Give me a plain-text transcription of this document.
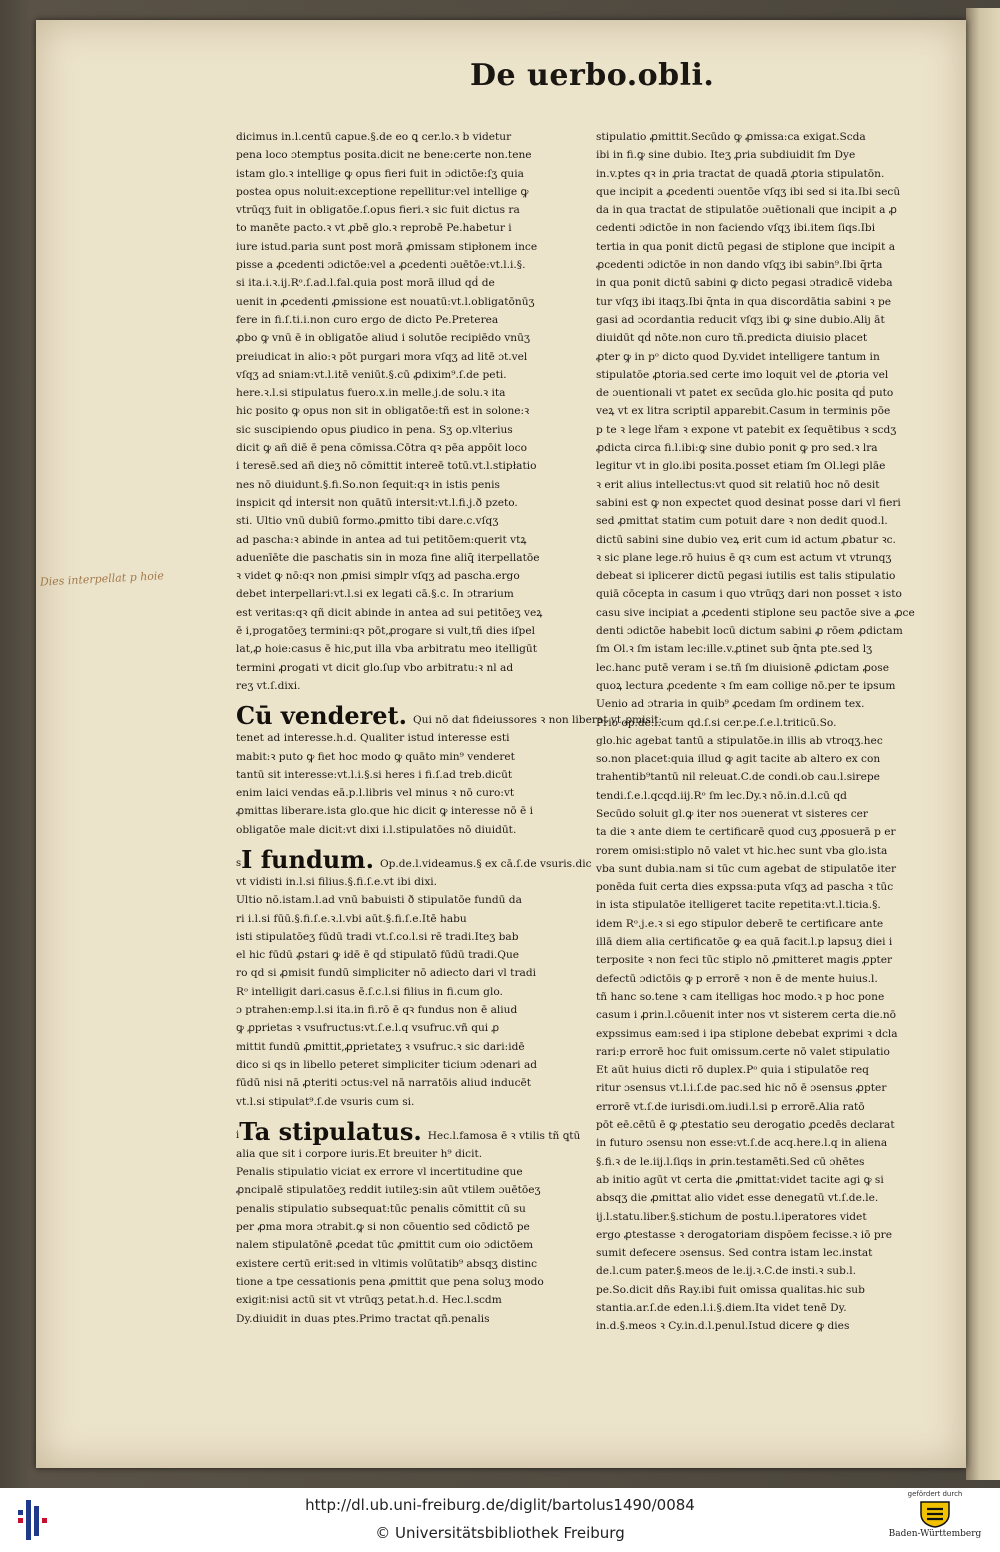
De uerbo.obli.
Dies interpellat p hoie
dicimus in.l.centū capue.§.de eo ꝗ cer.lo.ꝛ b videtur
pena loco ɔtemptus posita.dicit ne bene:certe non.tene
istam glo.ꝛ intellige ꝙ opus fieri fuit in ɔdictōe:ſʒ quia
postea opus noluit:exceptione repellitur:vel intellige ꝙ
vtrūqʒ fuit in obligatōe.ſ.opus fieri.ꝛ sic fuit dictus ra
to manēte pacto.ꝛ vt ꝓbē glo.ꝛ reprobē Pe.habetur i
iure istud.paria sunt post morā ꝓmissam stipłonem ince
pisse a ꝓcedenti ɔdictōe:vel a ꝓcedenti ɔuētōe:vt.l.i.§.
si ita.i.ꝛ.ij.Rᵒ.ſ.ad.l.fal.quia post morā illud qḋ de
uenit in ꝓcedenti ꝓmissione est nouatū:vt.l.obligatōnūʒ
fere in fi.ſ.ti.i.non curo ergo de dicto Pe.Preterea
ꝓbo ꝙ vnū ē in obligatōe aliud i solutōe recipiēdo vnūʒ
preiudicat in alio:ꝛ pōt purgari mora vſqʒ ad litē ɔt.vel
vſqʒ ad sniam:vt.l.itē veniūt.§.cū ꝓdixim⁹.ſ.de peti.
here.ꝛ.l.si stipulatus fuero.x.in melle.j.de solu.ꝛ ita
hic posito ꝙ opus non sit in obligatōe:tñ est in solone:ꝛ
sic suscipiendo opus ꝑiudico in pena. Sʒ op.vlterius
dicit ꝙ añ diē ē pena cōmissa.Cōtra qꝛ pēa appōit loco
i teresē.sed añ dieʒ nō cōmittit intereē totū.vt.l.stipłatio
nes nō diuidunt.§.fi.So.non ſequit:qꝛ in istis penis
inspicit qḋ intersit non quātū intersit:vt.l.fi.j.ð pzeto.
sti. Ultio vnū dubiū formo.ꝓmitto tibi dare.c.vſqʒ
ad pascha:ꝛ abinde in antea ad tui petitōem:querit vtꝝ
aduenīēte die paschatis sin in moza fine aliq̄ iterpellatōe
ꝛ videt ꝙ nō:qꝛ non ꝓmisi simplr vſqʒ ad pascha.ergo
debet interpellari:vt.l.si ex legati cā.§.c. In ɔtrarium
est veritas:qꝛ qñ dicit abinde in antea ad sui petitōeʒ veꝝ
ē i,progatōeʒ termini:qꝛ pōt,ꝓrogare si vult,tñ dies iſpel
lat,ꝓ hoie:casus ē hic,put illa vba arbitratu meo itelligūt
termini ꝓrogati vt dicit glo.ſup vbo arbitratu:ꝛ nl ad
reʒ vt.ſ.dixi.
Cū venderet. Qui nō dat fideiussores ꝛ non liberat vt ꝓmisit:
tenet ad interesse.h.d. Qualiter istud interesse esti
mabit:ꝛ puto ꝙ fiet hoc modo ꝙ quāto min⁹ venderet
tantū sit interesse:vt.l.i.§.si heres i fi.ſ.ad treb.dicūt
enim laici vendas eā.p.l.libris vel minus ꝛ nō curo:vt
ꝓmittas liberare.ista glo.que hic dicit ꝙ interesse nō ē i
obligatōe male dicit:vt dixi i.l.stipulatōes nō diuidūt.
s I fundum. Op.de.l.videamus.§ ex cā.ſ.de vsuris.dic
vt vidisti in.l.si filius.§.fi.ſ.e.vt ibi dixi.
Ultio nō.istam.l.ad vnū babuisti ð stipulatōe fundū da
ri i.l.si fūū.§.fi.ſ.e.ꝛ.l.vbi aūt.§.fi.ſ.e.Itē habu
isti stipulatōeʒ fūdū tradi vt.ſ.co.l.si rē tradi.Iteʒ bab
el hic fūdū ꝓstari ꝙ idē ē qḋ stipulatō fūdū tradi.Que
ro qd si ꝓmisit fundū simpliciter nō adiecto dari vl tradi
Rᵒ intelligit dari.casus ē.ſ.c.l.si filius in fi.cum glo.
ɔ ptrahen:emp.l.si ita.in fi.rō ē qꝛ fundus non ē aliud
ꝙ ꝓprietas ꝛ vsufructus:vt.ſ.e.l.q vsufruc.vñ qui ꝓ
mittit fundū ꝓmittit,ꝓprietateʒ ꝛ vsufruc.ꝛ sic dari:idē
dico si qs in libello peteret simpliciter ticium ɔdenari ad
fūdū nisi nā ꝓteriti ɔctus:vel nā narratōis aliud inducēt
vt.l.si stipulat⁹.ſ.de vsuris cum si.
i Ta stipulatus. Hec.l.famosa ē ꝛ vtilis tñ ꝗtū
alia que sit i corpore iuris.Et breuiter h⁹ dicit.
Penalis stipulatio viciat ex errore vl incertitudine que
ꝓncipalē stipulatōeʒ reddit iutileʒ:sin aūt vtilem ɔuētōeʒ
penalis stipulatio subsequat:tūc penalis cōmittit cū su
per ꝓma mora ɔtrabit.ꝙ si non cōuentio sed cōdictō pe
nalem stipulatōnē ꝓcedat tūc ꝓmittit cum oio ɔdictōem
existere certū erit:sed in vltimis volūtatib⁹ absqʒ distinc
tione a tpe cessationis pena ꝓmittit que pena soluʒ modo
exigit:nisi actū sit vt vtrūqʒ petat.h.d. Hec.l.scdm
Dy.diuidit in duas ptes.Primo tractat qñ.penalis
stipulatio ꝓmittit.Secūdo ꝙ ꝓmissa:ca exigat.Scda
ibi in fi.ꝙ sine dubio. Iteʒ ꝓria subdiuidit ſm Dye
in.v.ptes qꝛ in ꝓria tractat de quadā ꝓtoria stipulatōn.
que incipit a ꝓcedenti ɔuentōe vſqʒ ibi sed si ita.Ibi secū
da in qua tractat de stipulatōe ɔuētionali que incipit a ꝓ
cedenti ɔdictōe in non faciendo vſqʒ ibi.item ſiqs.Ibi
tertia in qua ponit dictū pegasi de stiplone que incipit a
ꝓcedenti ɔdictōe in non dando vſqʒ ibi sabin⁹.Ibi q̄rta
in qua ponit dictū sabini ꝙ dicto pegasi ɔtradicē videba
tur vſqʒ ibi itaqʒ.Ibi q̄nta in qua discordātia sabini ꝛ pe
gasi ad ɔcordantia reducit vſqʒ ibi ꝙ sine dubio.Aliȷ āt
diuidūt qḋ nōte.non curo tñ.predicta diuisio placet
ꝓter ꝙ in pᵒ dicto quod Dy.videt intelligere tantum in
stipulatōe ꝓtoria.sed certe imo loquit vel de ꝓtoria vel
de ɔuentionali vt patet ex secūda glo.hic posita qḋ puto
veꝝ vt ex litra scriptil apparebit.Casum in terminis pōe
p te ꝛ lege lřam ꝛ expone vt patebit ex ſequētibus ꝛ scdʒ
ꝓdicta circa fi.l.ibi:ꝙ sine dubio ponit ꝙ pro sed.ꝛ lra
legitur vt in glo.ibi posita.posset etiam ſm Ol.legi plāe
ꝛ erit alius intellectus:vt quod sit relatiū hoc nō desit
sabini est ꝙ non expectet quod desinat posse dari vl fieri
sed ꝓmittat statim cum potuit dare ꝛ non dedit quod.l.
dictū sabini sine dubio veꝝ erit cum id actum ꝓbatur ꝛc.
ꝛ sic plane lege.rō huius ē qꝛ cum est actum vt vtrunqʒ
debeat si iplicerer dictū pegasi iutilis est talis stipulatio
quiā cōcepta in casum i quo vtrūqʒ dari non posset ꝛ isto
casu sive incipiat a ꝓcedenti stiplone seu pactōe sive a ꝓce
denti ɔdictōe habebit locū dictum sabini ꝓ rōem ꝓdictam
ſm Ol.ꝛ ſm istam lec:ille.v.ꝓtinet sub q̄nta pte.sed lʒ
lec.hanc putē veram i se.tñ ſm diuisionē ꝓdictam ꝓose
quoꝝ lectura ꝓcedente ꝛ ſm eam collige nō.per te ipsum
Uenio ad ɔtraria in quib⁹ ꝓcedam ſm ordinem tex.
Prio op.de.l.cum qd.ſ.si cer.pe.ſ.e.l.triticū.So.
glo.hic agebat tantū a stipulatōe.in illis ab vtroqʒ.hec
so.non placet:quia illud ꝙ agit tacite ab altero ex con
trahentib⁹tantū nil releuat.C.de condi.ob cau.l.sirepe
tendi.ſ.e.l.qcqd.iij.Rᵒ ſm lec.Dy.ꝛ nō.in.d.l.cū qd
Secūdo soluit gl.ꝙ iter nos ɔuenerat vt sisteres cer
ta die ꝛ ante diem te certificarē quod cuʒ ꝓposuerā p er
rorem omisi:stiplo nō valet vt hic.hec sunt vba glo.ista
vba sunt dubia.nam si tūc cum agebat de stipulatōe iter
ponēda fuit certa dies expssa:puta vſqʒ ad pascha ꝛ tūc
in ista stipulatōe itelligeret tacite repetita:vt.l.ticia.§.
idem Rᵒ.j.e.ꝛ si ego stipulor deberē te certificare ante
illā diem alia certificatōe ꝙ ea quā facit.l.p lapsuʒ diei i
terposite ꝛ non feci tūc stiplo nō ꝓmitteret magis ꝓpter
defectū ɔdictōis ꝙ p errorē ꝛ non ē de mente huius.l.
tñ hanc so.tene ꝛ cam itelligas hoc modo.ꝛ p hoc pone
casum i ꝓrin.l.cōuenit inter nos vt sisterem certa die.nō
expssimus eam:sed i ipa stiplone debebat exprimi ꝛ dcla
rari:p errorē hoc fuit omissum.certe nō valet stipulatio
Et aūt huius dicti rō duplex.Pᵒ quia i stipulatōe req
ritur ɔsensus vt.l.i.ſ.de pac.sed hic nō ē ɔsensus ꝓpter
errorē vt.ſ.de iurisdi.om.iudi.l.si p errorē.Alia ratō
pōt eē.cētū ē ꝙ ꝓtestatio seu derogatio ꝓcedēs declarat
in futuro ɔsensu non esse:vt.ſ.de acq.here.l.q in aliena
§.fi.ꝛ de le.iij.l.ſiqs in ꝓrin.testamēti.Sed cū ɔhētes
ab initio agūt vt certa die ꝓmittat:videt tacite agi ꝙ si
absqʒ die ꝓmittat alio videt esse denegatū vt.ſ.de.le.
ij.l.statu.liber.§.stichum de postu.l.iperatores videt
ergo ꝓtestasse ꝛ derogatoriam dispōem fecisse.ꝛ iō pre
sumit defecere ɔsensus. Sed contra istam lec.instat
de.l.cum pater.§.meos de le.ij.ꝛ.C.de insti.ꝛ sub.l.
pe.So.dicit dñs Ray.ibi fuit omissa qualitas.hic sub
stantia.ar.ſ.de eden.l.i.§.diem.Ita videt tenē Dy.
in.d.§.meos ꝛ Cy.in.d.l.penul.Istud dicere ꝙ dies
http://dl.ub.uni-freiburg.de/diglit/bartolus1490/0084
© Universitätsbibliothek Freiburg
gefördert durch
Baden-Württemberg
